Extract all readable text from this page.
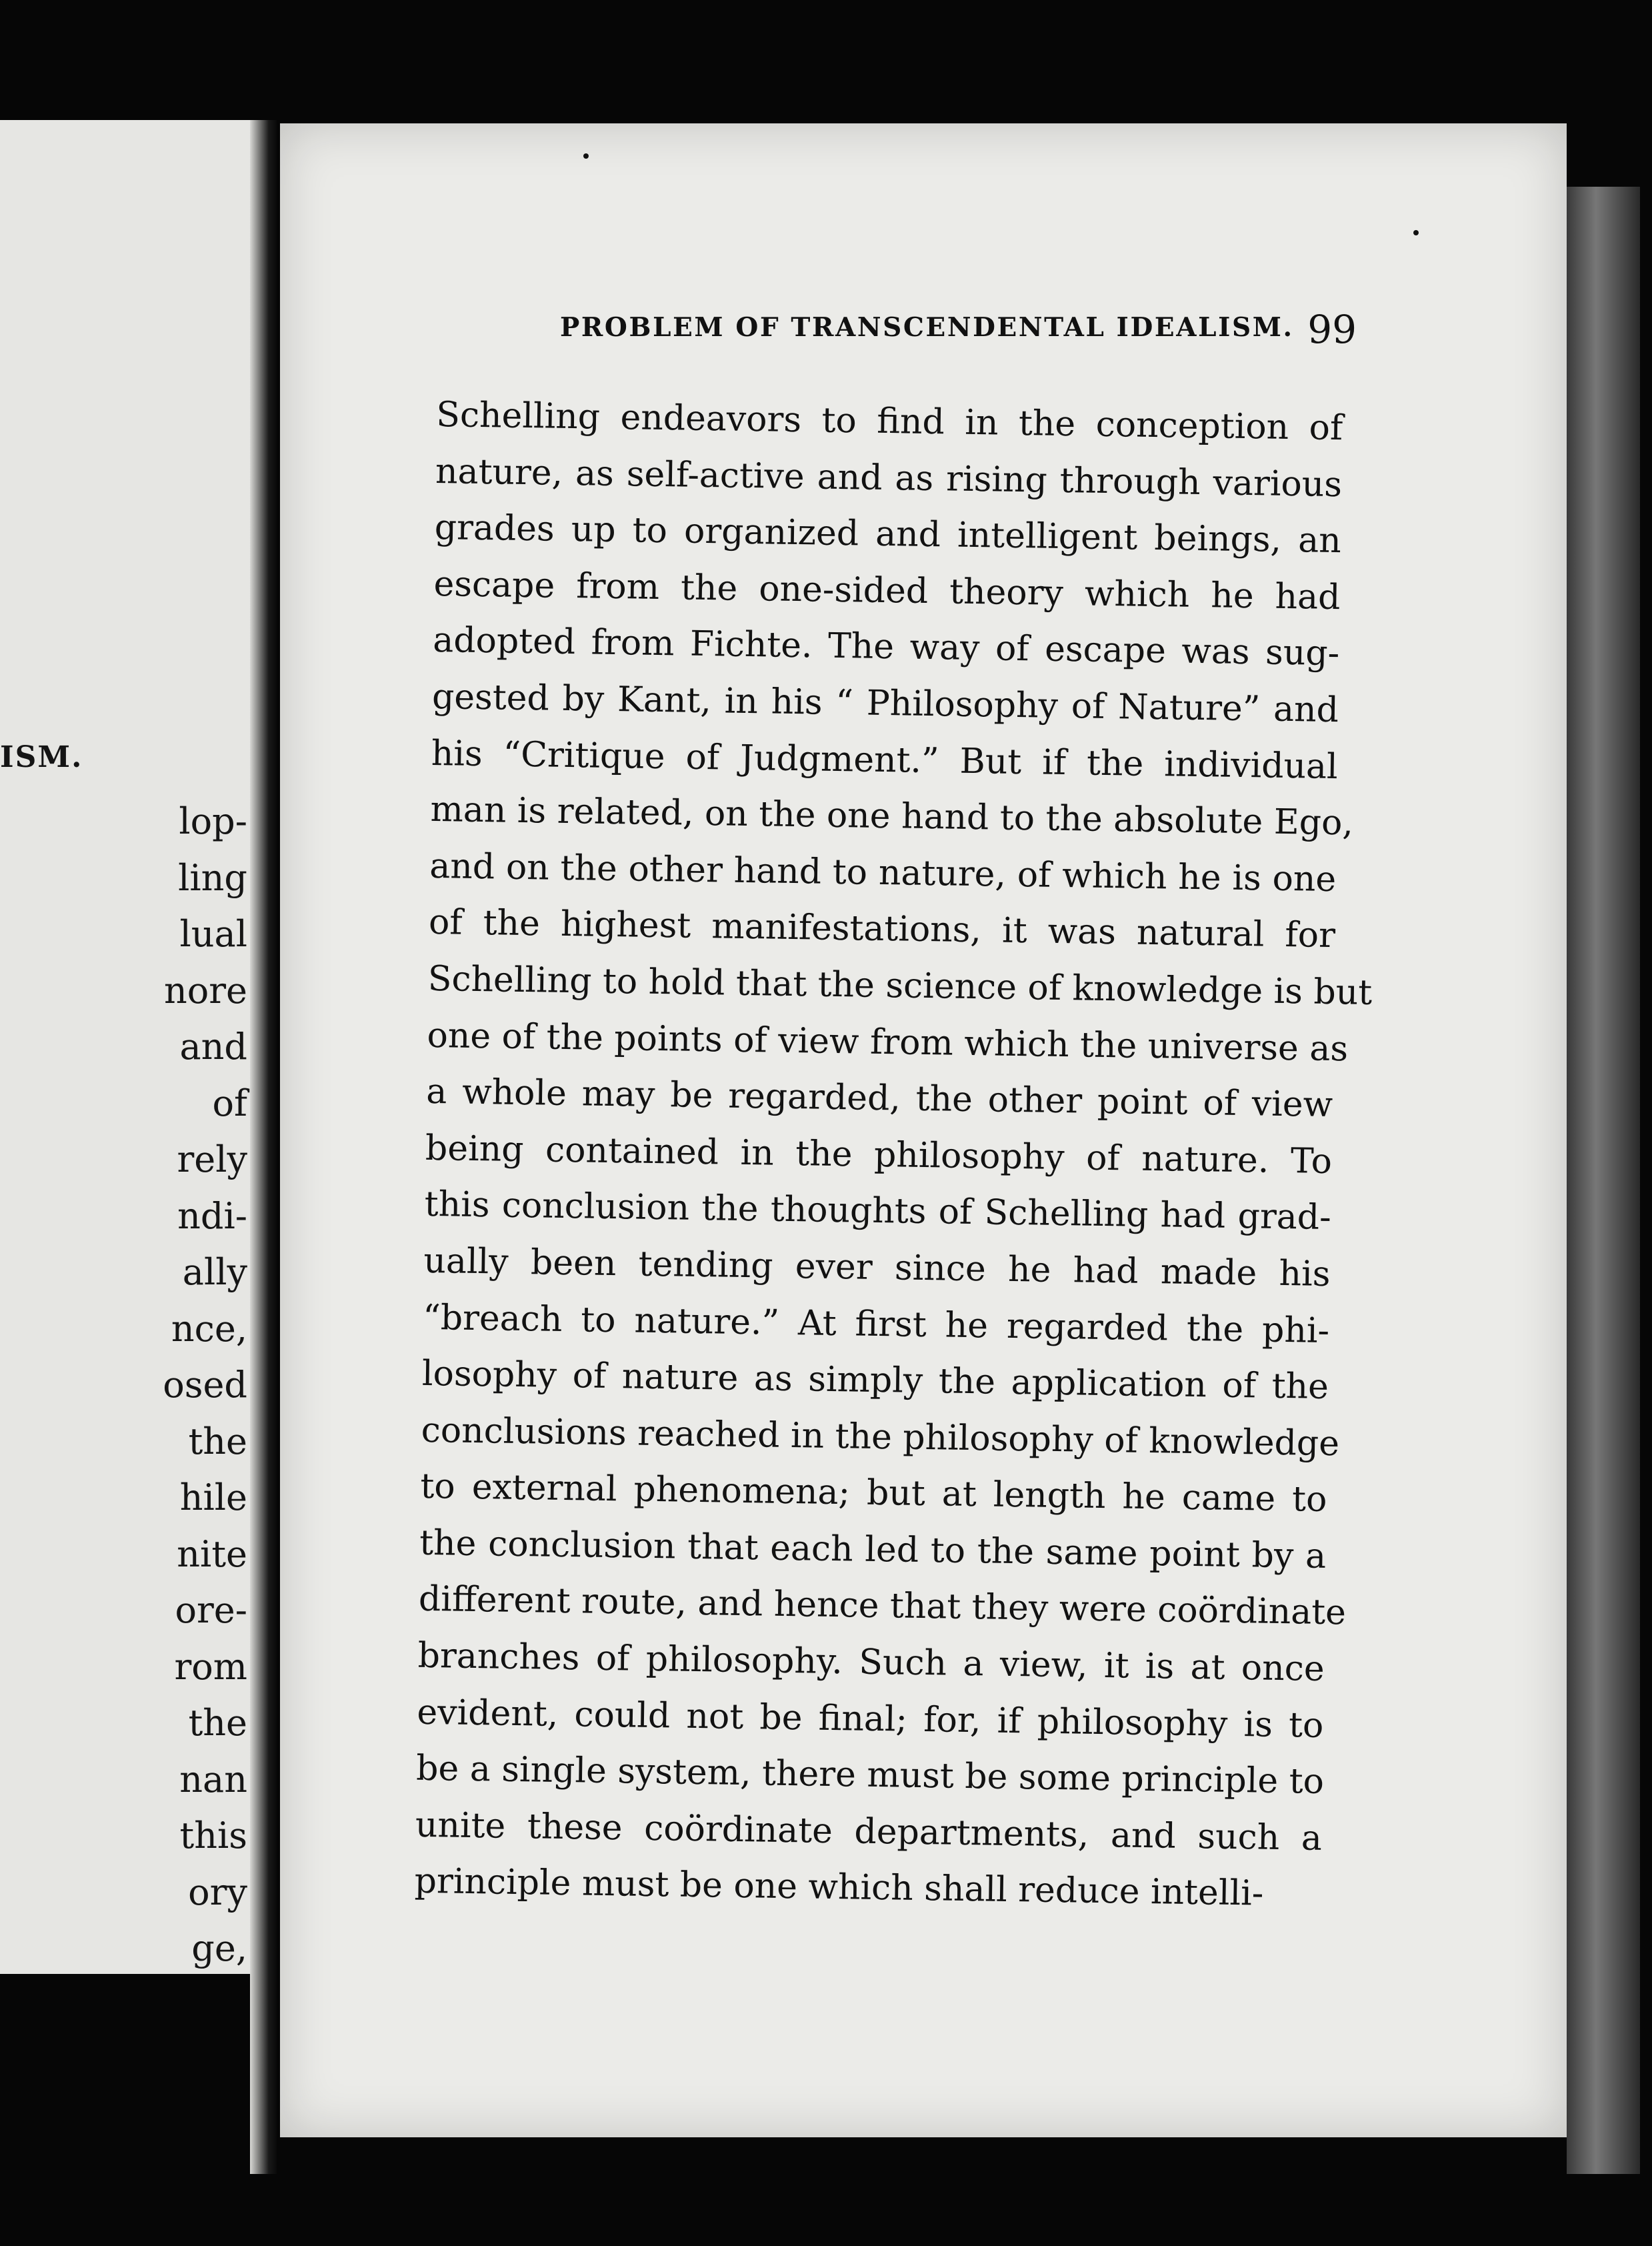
ISM.
lop-
ling
lual
nore
and
of
rely
ndi-
ally
nce,
osed
the
hile
nite
ore-
rom
the
nan
this
ory
ge,
PROBLEM OF TRANSCENDENTAL IDEALISM. 99
Schelling endeavors to find in the conception of
nature, as self-active and as rising through various
grades up to organized and intelligent beings, an
escape from the one-sided theory which he had
adopted from Fichte. The way of escape was sug-
gested by Kant, in his “ Philosophy of Nature” and
his “Critique of Judgment.” But if the individual
man is related, on the one hand to the absolute Ego,
and on the other hand to nature, of which he is one
of the highest manifestations, it was natural for
Schelling to hold that the science of knowledge is but
one of the points of view from which the universe as
a whole may be regarded, the other point of view
being contained in the philosophy of nature. To
this conclusion the thoughts of Schelling had grad-
ually been tending ever since he had made his
“breach to nature.” At first he regarded the phi-
losophy of nature as simply the application of the
conclusions reached in the philosophy of knowledge
to external phenomena; but at length he came to
the conclusion that each led to the same point by a
different route, and hence that they were coördinate
branches of philosophy. Such a view, it is at once
evident, could not be final; for, if philosophy is to
be a single system, there must be some principle to
unite these coördinate departments, and such a
principle must be one which shall reduce intelli-
